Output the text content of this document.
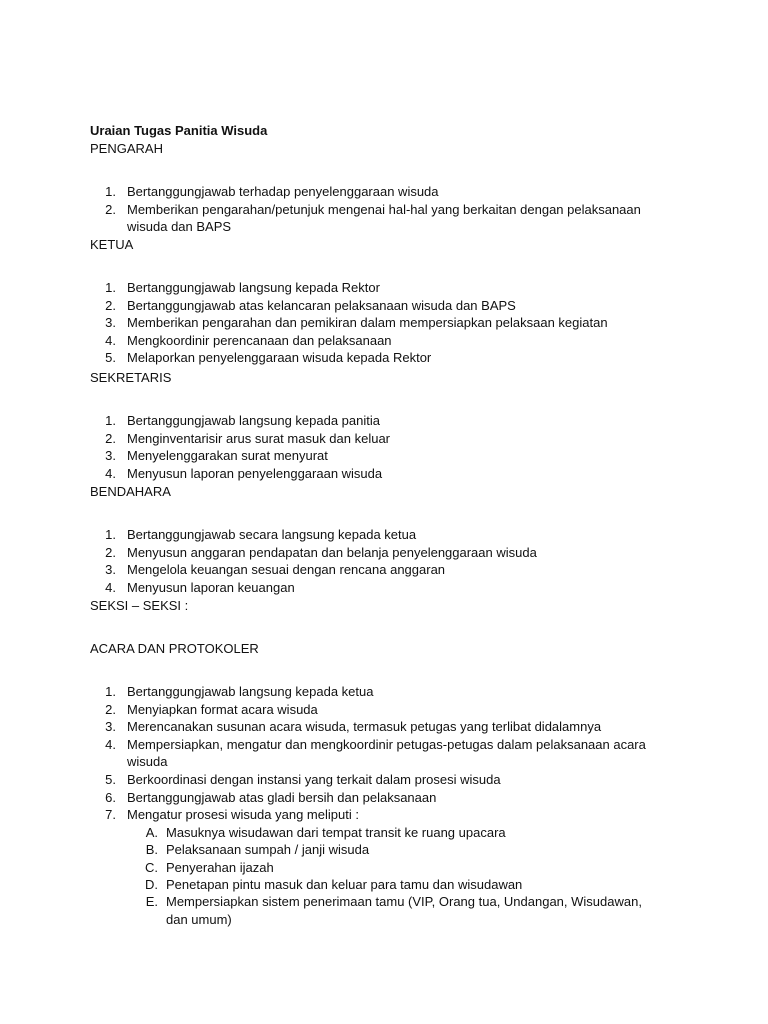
Uraian Tugas Panitia Wisuda
PENGARAH
1. Bertanggungjawab terhadap penyelenggaraan wisuda
2. Memberikan pengarahan/petunjuk mengenai hal-hal yang berkaitan dengan pelaksanaan wisuda dan BAPS
KETUA
1. Bertanggungjawab langsung kepada Rektor
2. Bertanggungjawab atas kelancaran pelaksanaan wisuda dan BAPS
3. Memberikan pengarahan dan pemikiran dalam mempersiapkan pelaksaan kegiatan
4. Mengkoordinir perencanaan dan pelaksanaan
5. Melaporkan penyelenggaraan wisuda kepada Rektor
SEKRETARIS
1. Bertanggungjawab langsung kepada panitia
2. Menginventarisir arus surat masuk dan keluar
3. Menyelenggarakan surat menyurat
4. Menyusun laporan penyelenggaraan wisuda
BENDAHARA
1. Bertanggungjawab secara langsung kepada ketua
2. Menyusun anggaran pendapatan dan belanja penyelenggaraan wisuda
3. Mengelola keuangan sesuai dengan rencana anggaran
4. Menyusun laporan keuangan
SEKSI – SEKSI :
ACARA DAN PROTOKOLER
1. Bertanggungjawab langsung kepada ketua
2. Menyiapkan format acara wisuda
3. Merencanakan susunan acara wisuda, termasuk petugas yang terlibat didalamnya
4. Mempersiapkan, mengatur dan mengkoordinir petugas-petugas dalam pelaksanaan acara wisuda
5. Berkoordinasi dengan instansi yang terkait dalam prosesi wisuda
6. Bertanggungjawab atas gladi bersih dan pelaksanaan
7. Mengatur prosesi wisuda yang meliputi :
A. Masuknya wisudawan dari tempat transit ke ruang upacara
B. Pelaksanaan sumpah / janji wisuda
C. Penyerahan ijazah
D. Penetapan pintu masuk dan keluar para tamu dan wisudawan
E. Mempersiapkan sistem penerimaan tamu (VIP, Orang tua, Undangan, Wisudawan, dan umum)
